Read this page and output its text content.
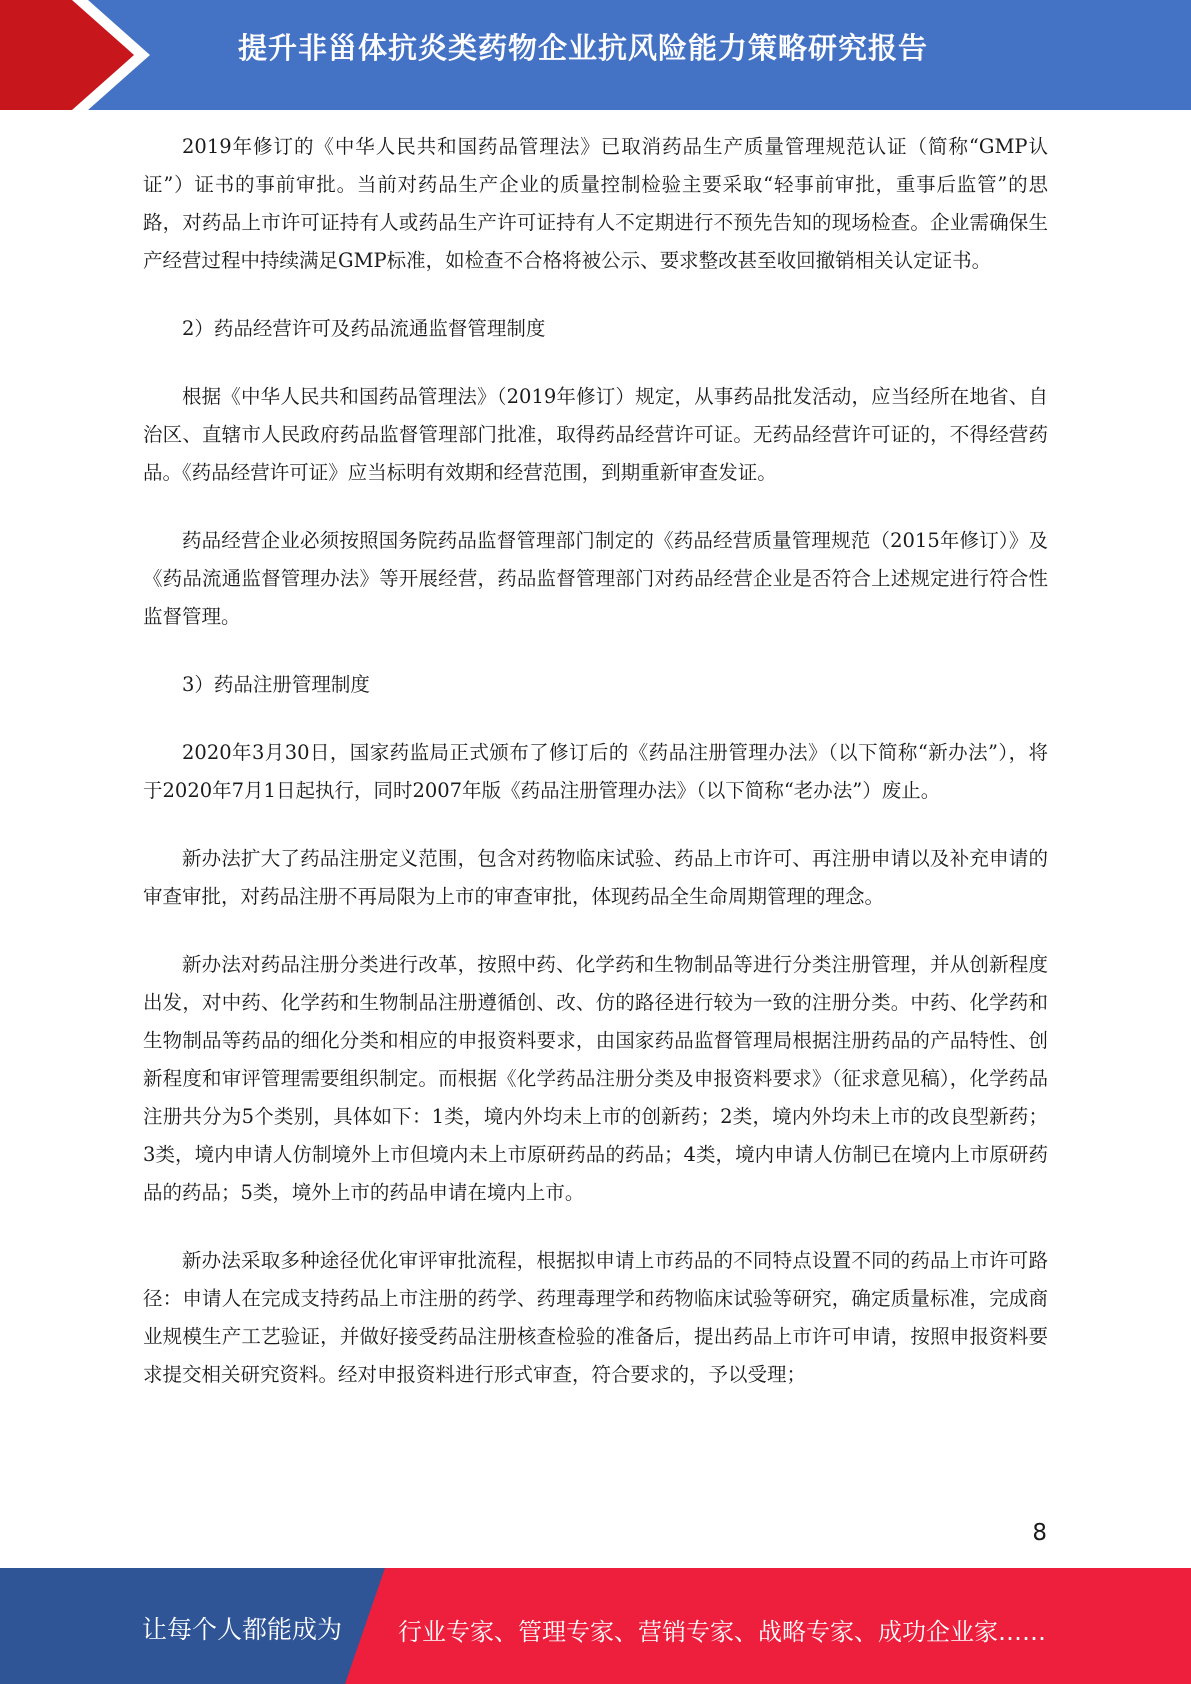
提升非甾体抗炎类药物企业抗风险能力策略研究报告

2019年修订的《中华人民共和国药品管理法》已取消药品生产质量管理规范认证（简称“GMP认证”）证书的事前审批。当前对药品生产企业的质量控制检验主要采取“轻事前审批，重事后监管”的思路，对药品上市许可证持有人或药品生产许可证持有人不定期进行不预先告知的现场检查。企业需确保生产经营过程中持续满足GMP标准，如检查不合格将被公示、要求整改甚至收回撤销相关认定证书。

2）药品经营许可及药品流通监督管理制度

根据《中华人民共和国药品管理法》（2019年修订）规定，从事药品批发活动，应当经所在地省、自治区、直辖市人民政府药品监督管理部门批准，取得药品经营许可证。无药品经营许可证的，不得经营药品。《药品经营许可证》应当标明有效期和经营范围，到期重新审查发证。

药品经营企业必须按照国务院药品监督管理部门制定的《药品经营质量管理规范（2015年修订）》及《药品流通监督管理办法》等开展经营，药品监督管理部门对药品经营企业是否符合上述规定进行符合性监督管理。

3）药品注册管理制度

2020年3月30日，国家药监局正式颁布了修订后的《药品注册管理办法》（以下简称“新办法”），将于2020年7月1日起执行，同时2007年版《药品注册管理办法》（以下简称“老办法”）废止。

新办法扩大了药品注册定义范围，包含对药物临床试验、药品上市许可、再注册申请以及补充申请的审查审批，对药品注册不再局限为上市的审查审批，体现药品全生命周期管理的理念。

新办法对药品注册分类进行改革，按照中药、化学药和生物制品等进行分类注册管理，并从创新程度出发，对中药、化学药和生物制品注册遵循创、改、仿的路径进行较为一致的注册分类。中药、化学药和生物制品等药品的细化分类和相应的申报资料要求，由国家药品监督管理局根据注册药品的产品特性、创新程度和审评管理需要组织制定。而根据《化学药品注册分类及申报资料要求》（征求意见稿），化学药品注册共分为5个类别，具体如下：1类，境内外均未上市的创新药；2类，境内外均未上市的改良型新药；3类，境内申请人仿制境外上市但境内未上市原研药品的药品；4类，境内申请人仿制已在境内上市原研药品的药品；5类，境外上市的药品申请在境内上市。

新办法采取多种途径优化审评审批流程，根据拟申请上市药品的不同特点设置不同的药品上市许可路径：申请人在完成支持药品上市注册的药学、药理毒理学和药物临床试验等研究，确定质量标准，完成商业规模生产工艺验证，并做好接受药品注册核查检验的准备后，提出药品上市许可申请，按照申报资料要求提交相关研究资料。经对申报资料进行形式审查，符合要求的，予以受理；

8
让每个人都能成为 行业专家、管理专家、营销专家、战略专家、成功企业家……
